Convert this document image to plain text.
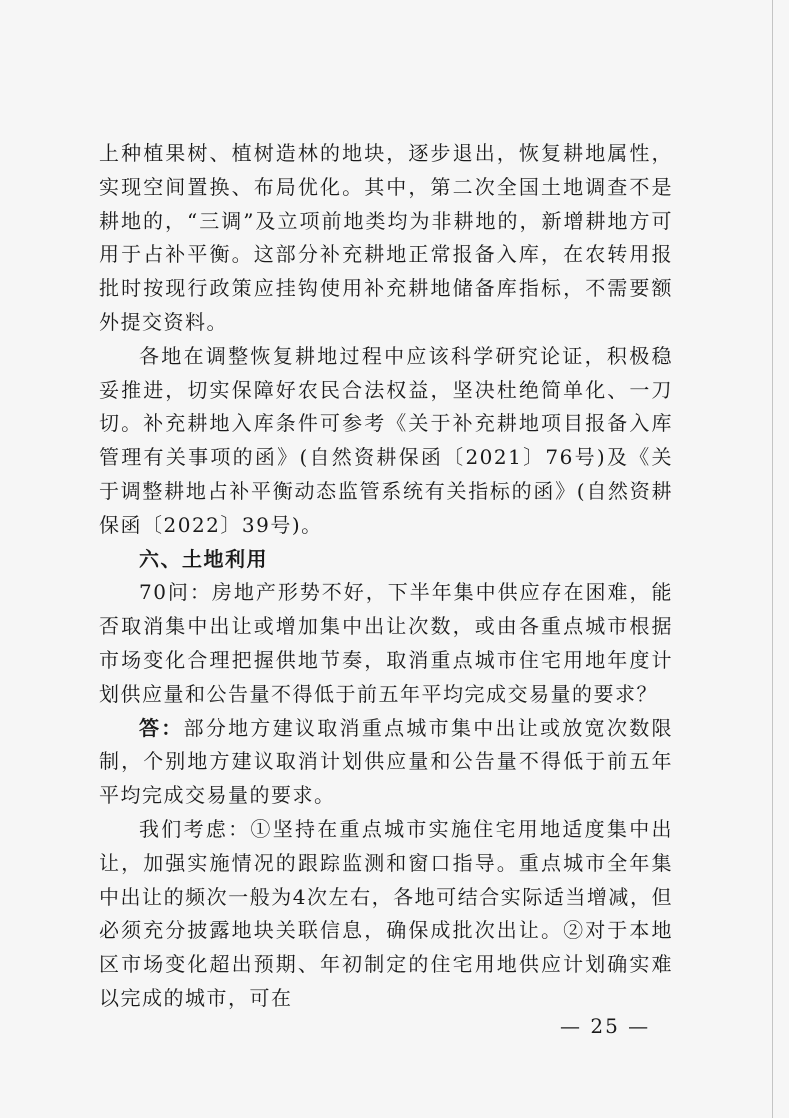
上种植果树、植树造林的地块，逐步退出，恢复耕地属性，实现空间置换、布局优化。其中，第二次全国土地调查不是耕地的，“三调”及立项前地类均为非耕地的，新增耕地方可用于占补平衡。这部分补充耕地正常报备入库，在农转用报批时按现行政策应挂钩使用补充耕地储备库指标，不需要额外提交资料。

各地在调整恢复耕地过程中应该科学研究论证，积极稳妥推进，切实保障好农民合法权益，坚决杜绝简单化、一刀切。补充耕地入库条件可参考《关于补充耕地项目报备入库管理有关事项的函》(自然资耕保函〔2021〕76号)及《关于调整耕地占补平衡动态监管系统有关指标的函》(自然资耕保函〔2022〕39号)。

六、土地利用

70问：房地产形势不好，下半年集中供应存在困难，能否取消集中出让或增加集中出让次数，或由各重点城市根据市场变化合理把握供地节奏，取消重点城市住宅用地年度计划供应量和公告量不得低于前五年平均完成交易量的要求？

答：部分地方建议取消重点城市集中出让或放宽次数限制，个别地方建议取消计划供应量和公告量不得低于前五年平均完成交易量的要求。

我们考虑：①坚持在重点城市实施住宅用地适度集中出让，加强实施情况的跟踪监测和窗口指导。重点城市全年集中出让的频次一般为4次左右，各地可结合实际适当增减，但必须充分披露地块关联信息，确保成批次出让。②对于本地区市场变化超出预期、年初制定的住宅用地供应计划确实难以完成的城市，可在

— 25 —
